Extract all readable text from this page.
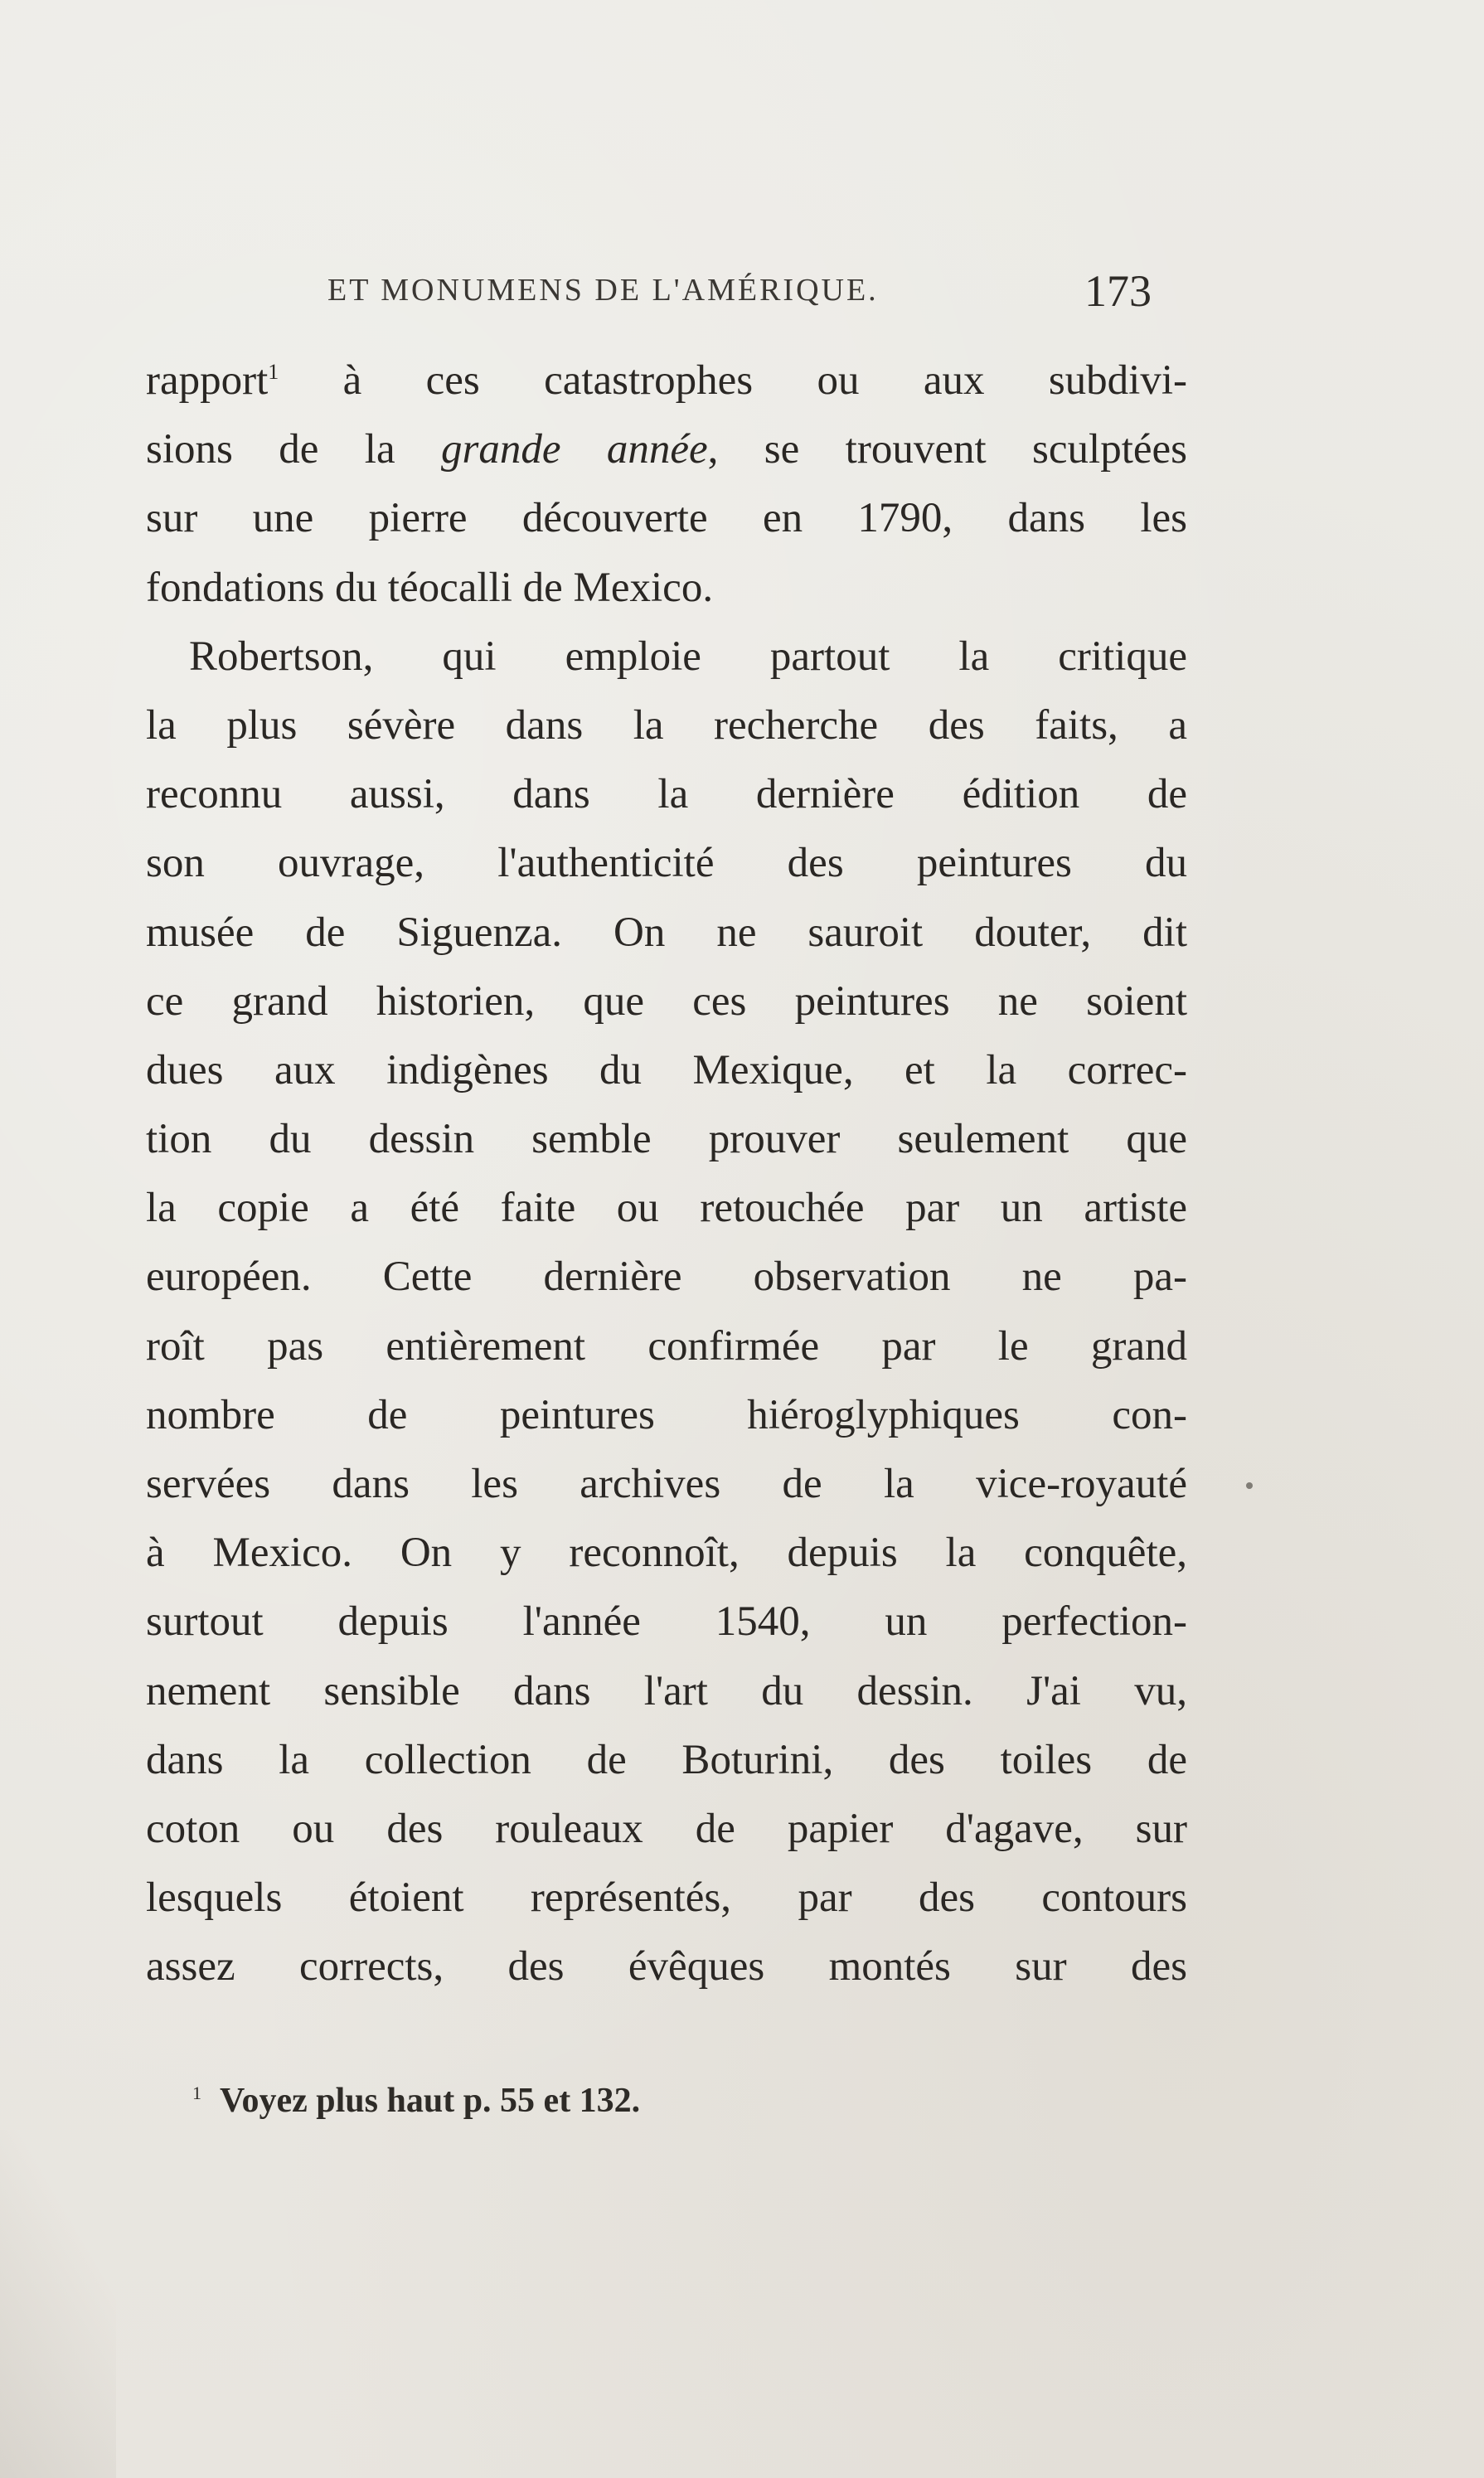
ET MONUMENS DE L'AMÉRIQUE.	173
rapport$^1$ à ces catastrophes ou aux subdivi-
sions de la grande année, se trouvent sculptées
sur une pierre découverte en 1790, dans les
fondations du téocalli de Mexico.
Robertson, qui emploie partout la critique
la plus sévère dans la recherche des faits, a
reconnu aussi, dans la dernière édition de
son ouvrage, l'authenticité des peintures du
musée de Siguenza. On ne sauroit douter, dit
ce grand historien, que ces peintures ne soient
dues aux indigènes du Mexique, et la correc-
tion du dessin semble prouver seulement que
la copie a été faite ou retouchée par un artiste
européen. Cette dernière observation ne pa-
roît pas entièrement confirmée par le grand
nombre de peintures hiéroglyphiques con-
servées dans les archives de la vice-royauté
à Mexico. On y reconnoît, depuis la conquête,
surtout depuis l'année 1540, un perfection-
nement sensible dans l'art du dessin. J'ai vu,
dans la collection de Boturini, des toiles de
coton ou des rouleaux de papier d'agave, sur
lesquels étoient représentés, par des contours
assez corrects, des évêques montés sur des
$^1$ Voyez plus haut p. 55 et 132.
